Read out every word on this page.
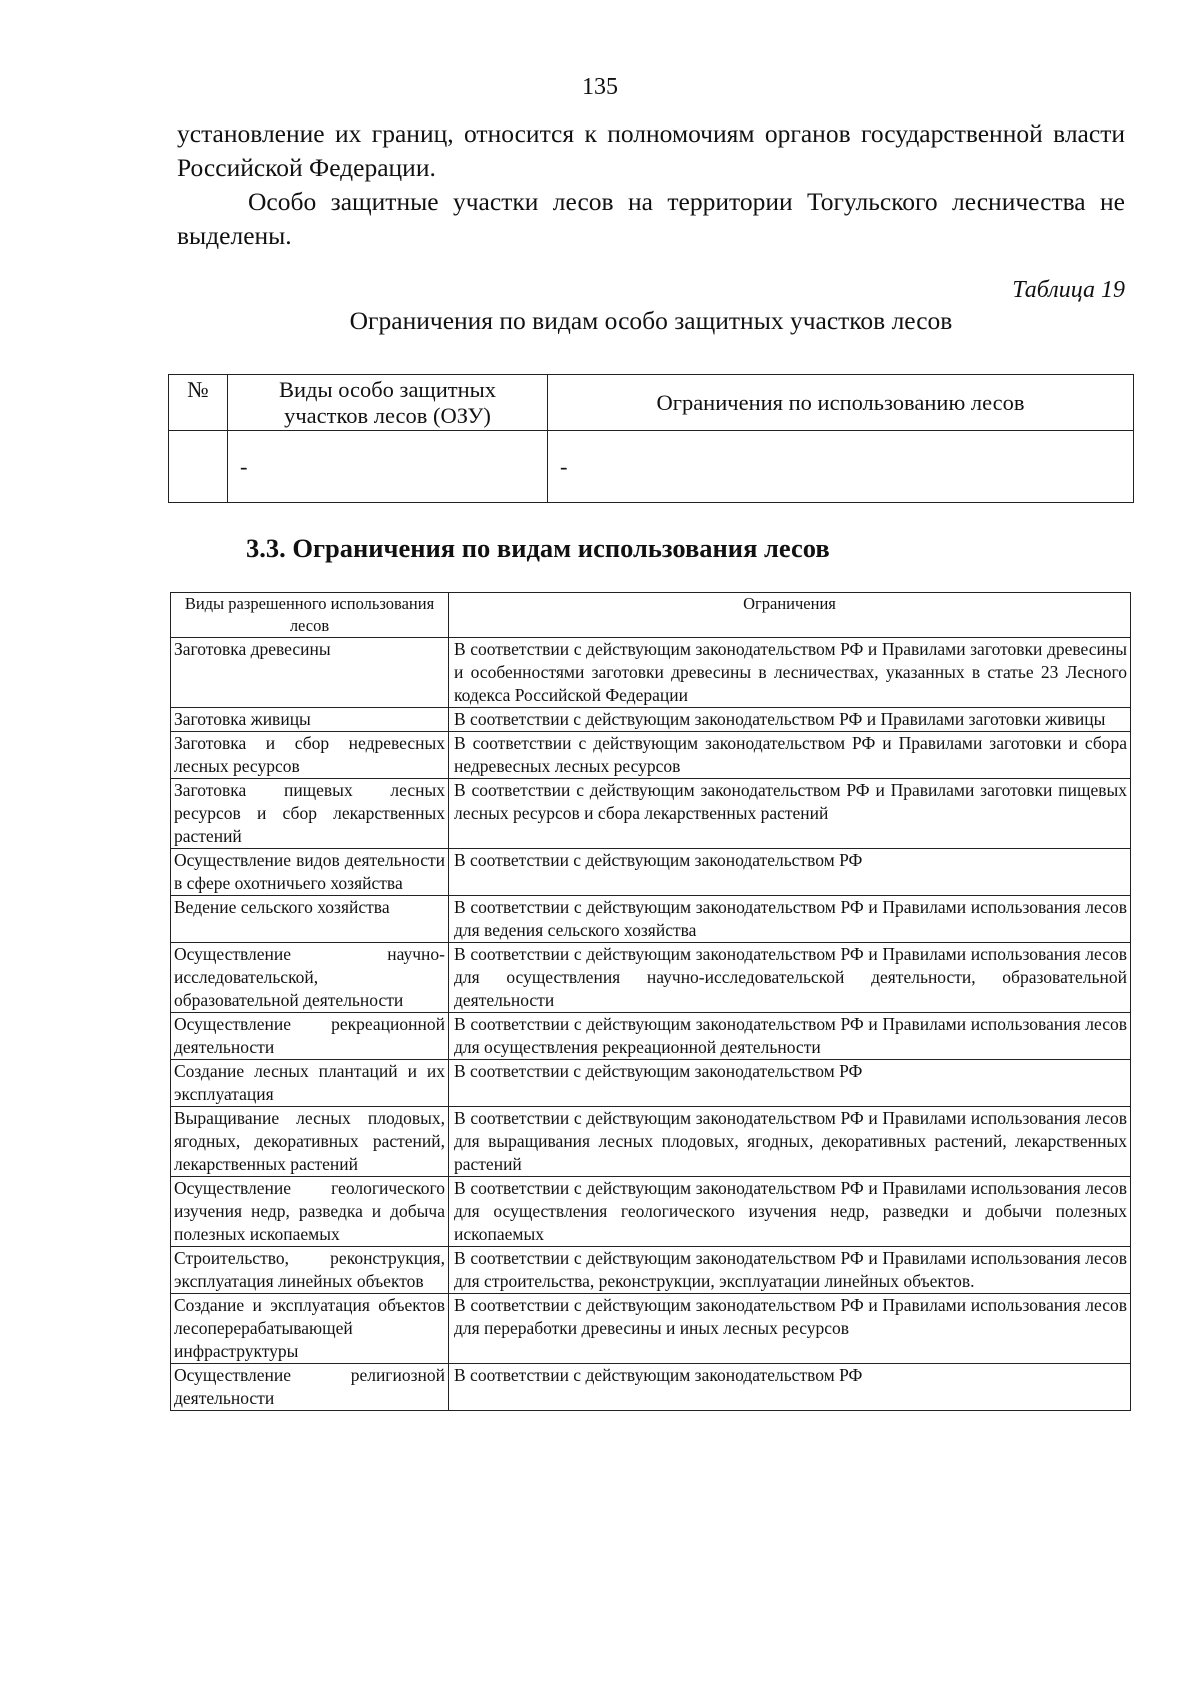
135

установление их границ, относится к полномочиям органов государственной власти Российской Федерации.

Особо защитные участки лесов на территории Тогульского лесничества не выделены.

Таблица 19
Ограничения по видам особо защитных участков лесов
№	Виды особо защитных участков лесов (ОЗУ)	Ограничения по использованию лесов
	-	-
3.3. Ограничения по видам использования лесов
Виды разрешенного использования лесов	Ограничения
Заготовка древесины	В соответствии с действующим законодательством РФ и Правилами заготовки древесины и особенностями заготовки древесины в лесничествах, указанных в статье 23 Лесного кодекса Российской Федерации
Заготовка живицы	В соответствии с действующим законодательством РФ и Правилами заготовки живицы
Заготовка и сбор недревесных лесных ресурсов	В соответствии с действующим законодательством РФ и Правилами заготовки и сбора недревесных лесных ресурсов
Заготовка пищевых лесных ресурсов и сбор лекарственных растений	В соответствии с действующим законодательством РФ и Правилами заготовки пищевых лесных ресурсов и сбора лекарственных растений
Осуществление видов деятельности в сфере охотничьего хозяйства	В соответствии с действующим законодательством РФ
Ведение сельского хозяйства	В соответствии с действующим законодательством РФ и Правилами использования лесов для ведения сельского хозяйства
Осуществление научно-исследовательской, образовательной деятельности	В соответствии с действующим законодательством РФ и Правилами использования лесов для осуществления научно-исследовательской деятельности, образовательной деятельности
Осуществление рекреационной деятельности	В соответствии с действующим законодательством РФ и Правилами использования лесов для осуществления рекреационной деятельности
Создание лесных плантаций и их эксплуатация	В соответствии с действующим законодательством РФ
Выращивание лесных плодовых, ягодных, декоративных растений, лекарственных растений	В соответствии с действующим законодательством РФ и Правилами использования лесов для выращивания лесных плодовых, ягодных, декоративных растений, лекарственных растений
Осуществление геологического изучения недр, разведка и добыча полезных ископаемых	В соответствии с действующим законодательством РФ и Правилами использования лесов для осуществления геологического изучения недр, разведки и добычи полезных ископаемых
Строительство, реконструкция, эксплуатация линейных объектов	В соответствии с действующим законодательством РФ и Правилами использования лесов для строительства, реконструкции, эксплуатации линейных объектов.
Создание и эксплуатация объектов лесоперерабатывающей инфраструктуры	В соответствии с действующим законодательством РФ и Правилами использования лесов для переработки древесины и иных лесных ресурсов
Осуществление религиозной деятельности	В соответствии с действующим законодательством РФ
